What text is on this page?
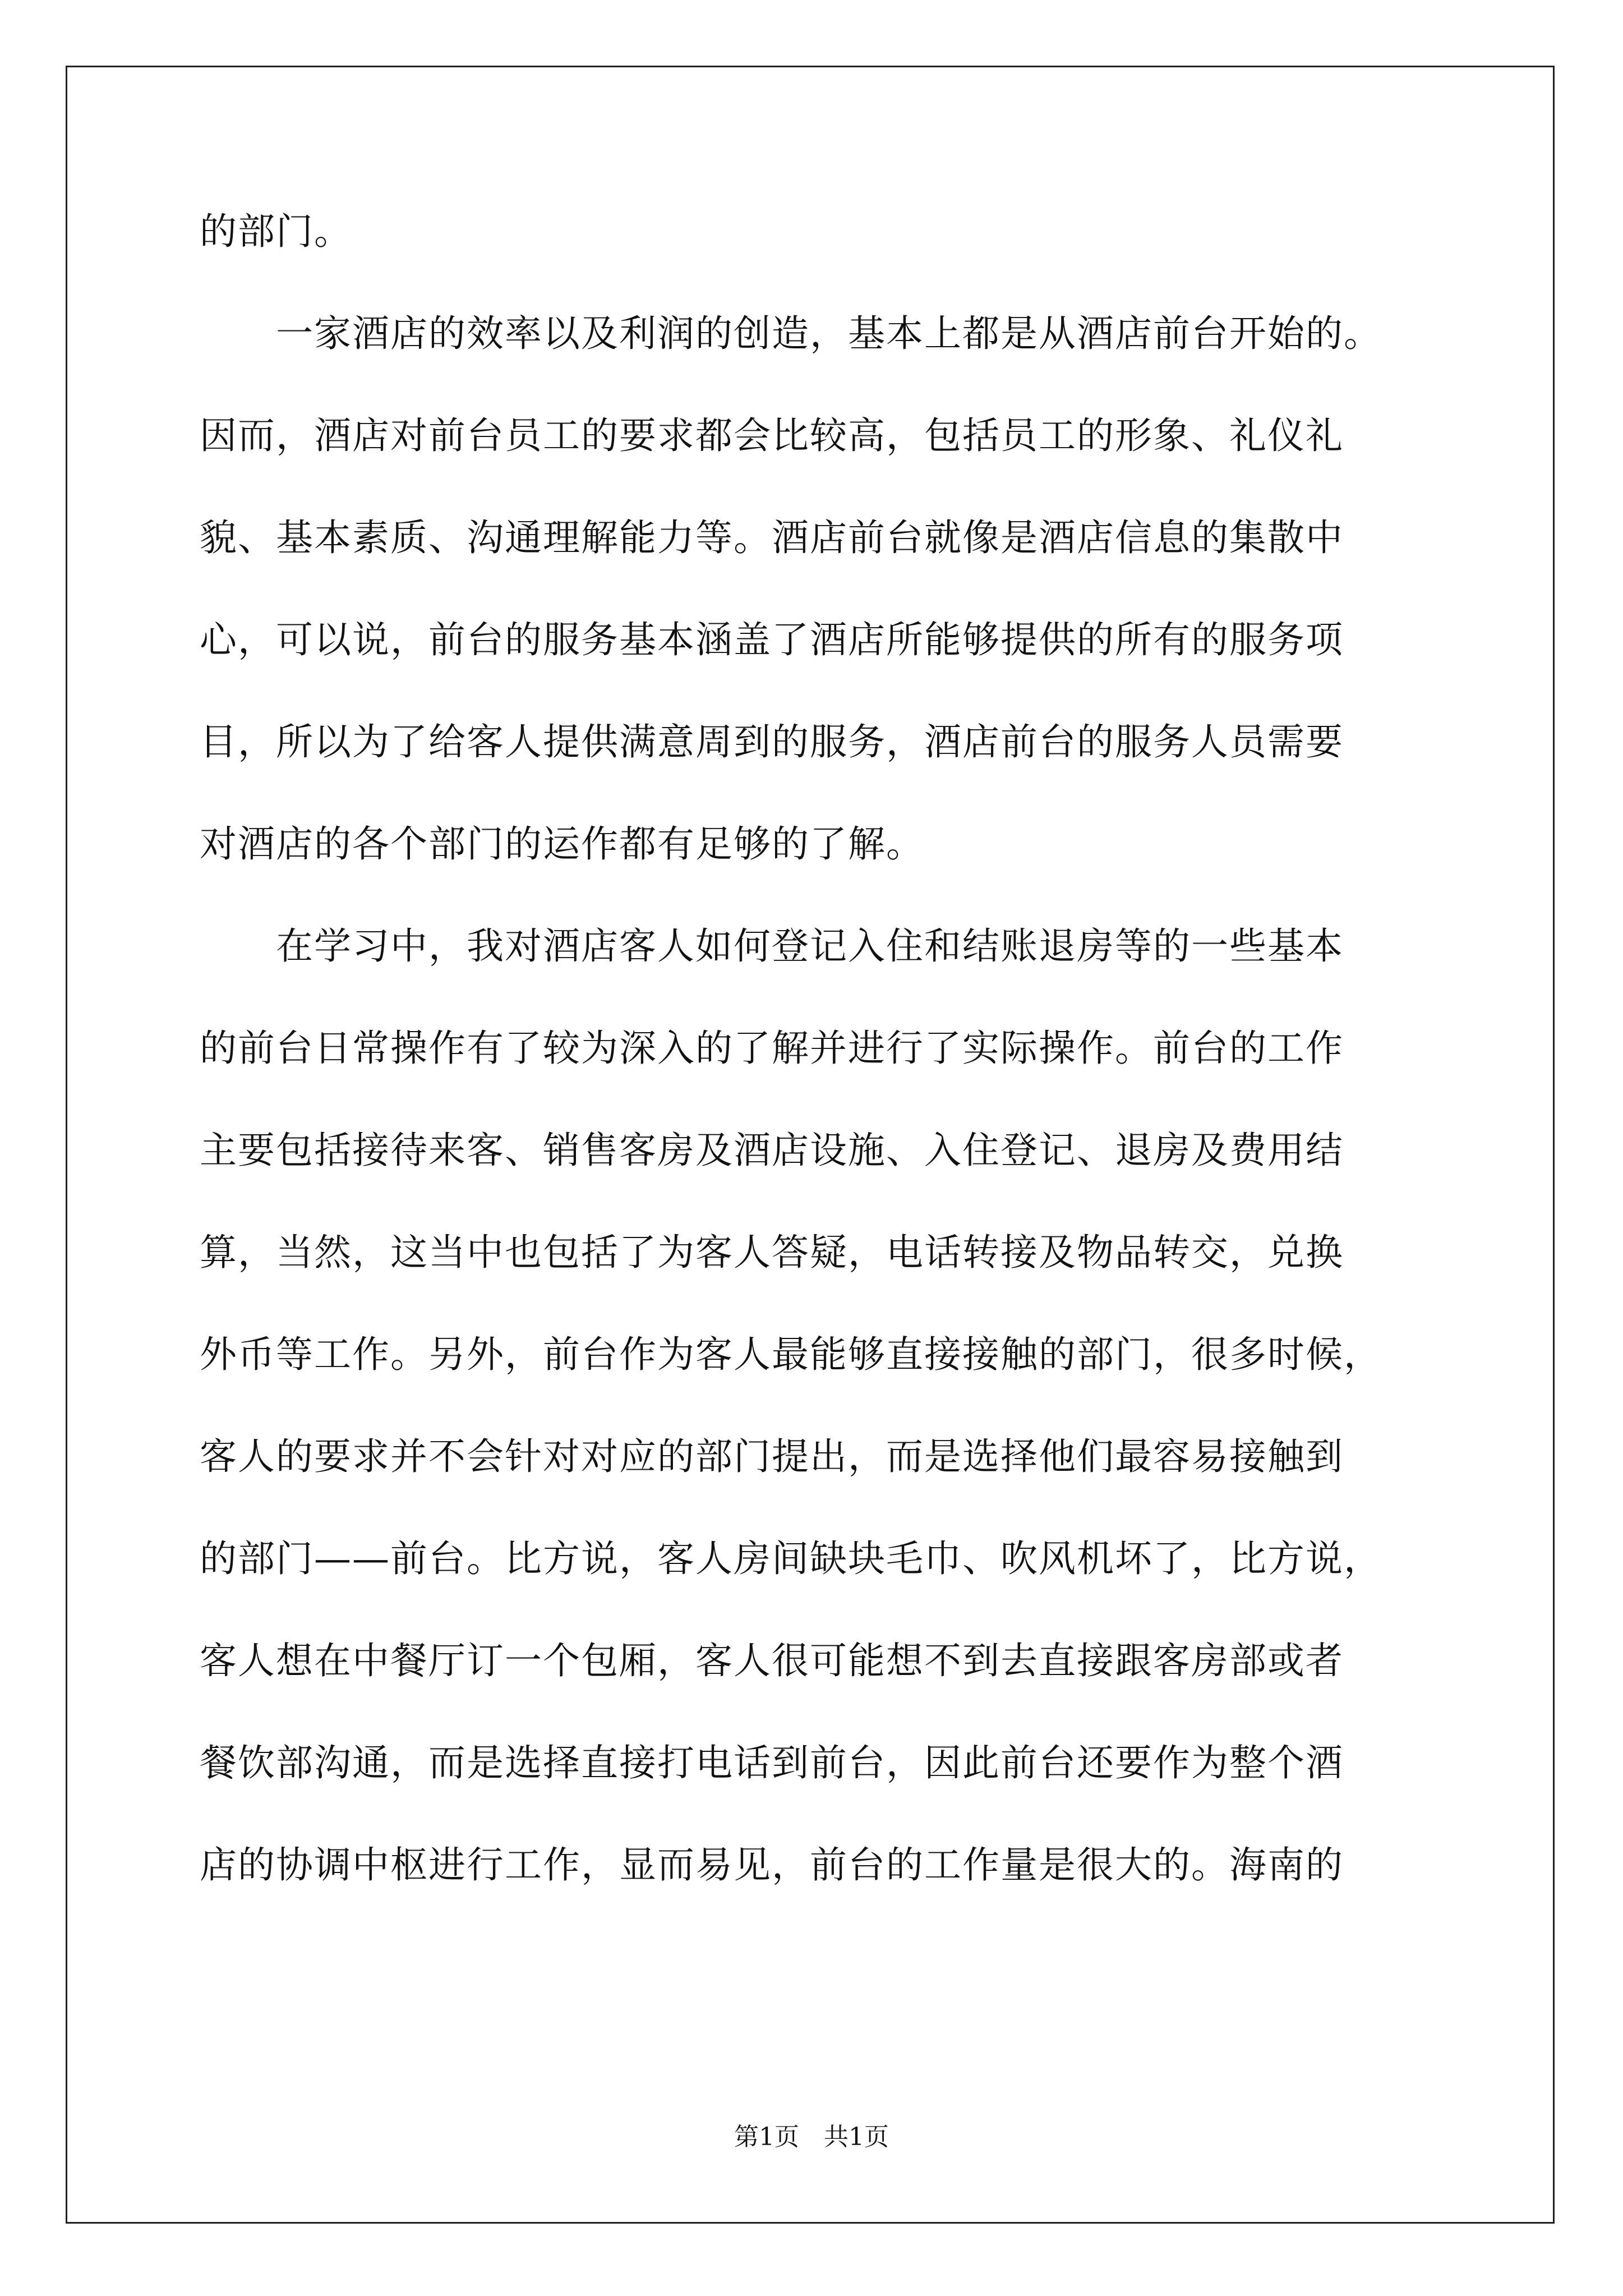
的部门。
　　一家酒店的效率以及利润的创造，基本上都是从酒店前台开始的。
因而，酒店对前台员工的要求都会比较高，包括员工的形象、礼仪礼
貌、基本素质、沟通理解能力等。酒店前台就像是酒店信息的集散中
心，可以说，前台的服务基本涵盖了酒店所能够提供的所有的服务项
目，所以为了给客人提供满意周到的服务，酒店前台的服务人员需要
对酒店的各个部门的运作都有足够的了解。
　　在学习中，我对酒店客人如何登记入住和结账退房等的一些基本
的前台日常操作有了较为深入的了解并进行了实际操作。前台的工作
主要包括接待来客、销售客房及酒店设施、入住登记、退房及费用结
算，当然，这当中也包括了为客人答疑，电话转接及物品转交，兑换
外币等工作。另外，前台作为客人最能够直接接触的部门，很多时候，
客人的要求并不会针对对应的部门提出，而是选择他们最容易接触到
的部门——前台。比方说，客人房间缺块毛巾、吹风机坏了，比方说，
客人想在中餐厅订一个包厢，客人很可能想不到去直接跟客房部或者
餐饮部沟通，而是选择直接打电话到前台，因此前台还要作为整个酒
店的协调中枢进行工作，显而易见，前台的工作量是很大的。海南的
第1页　共1页
